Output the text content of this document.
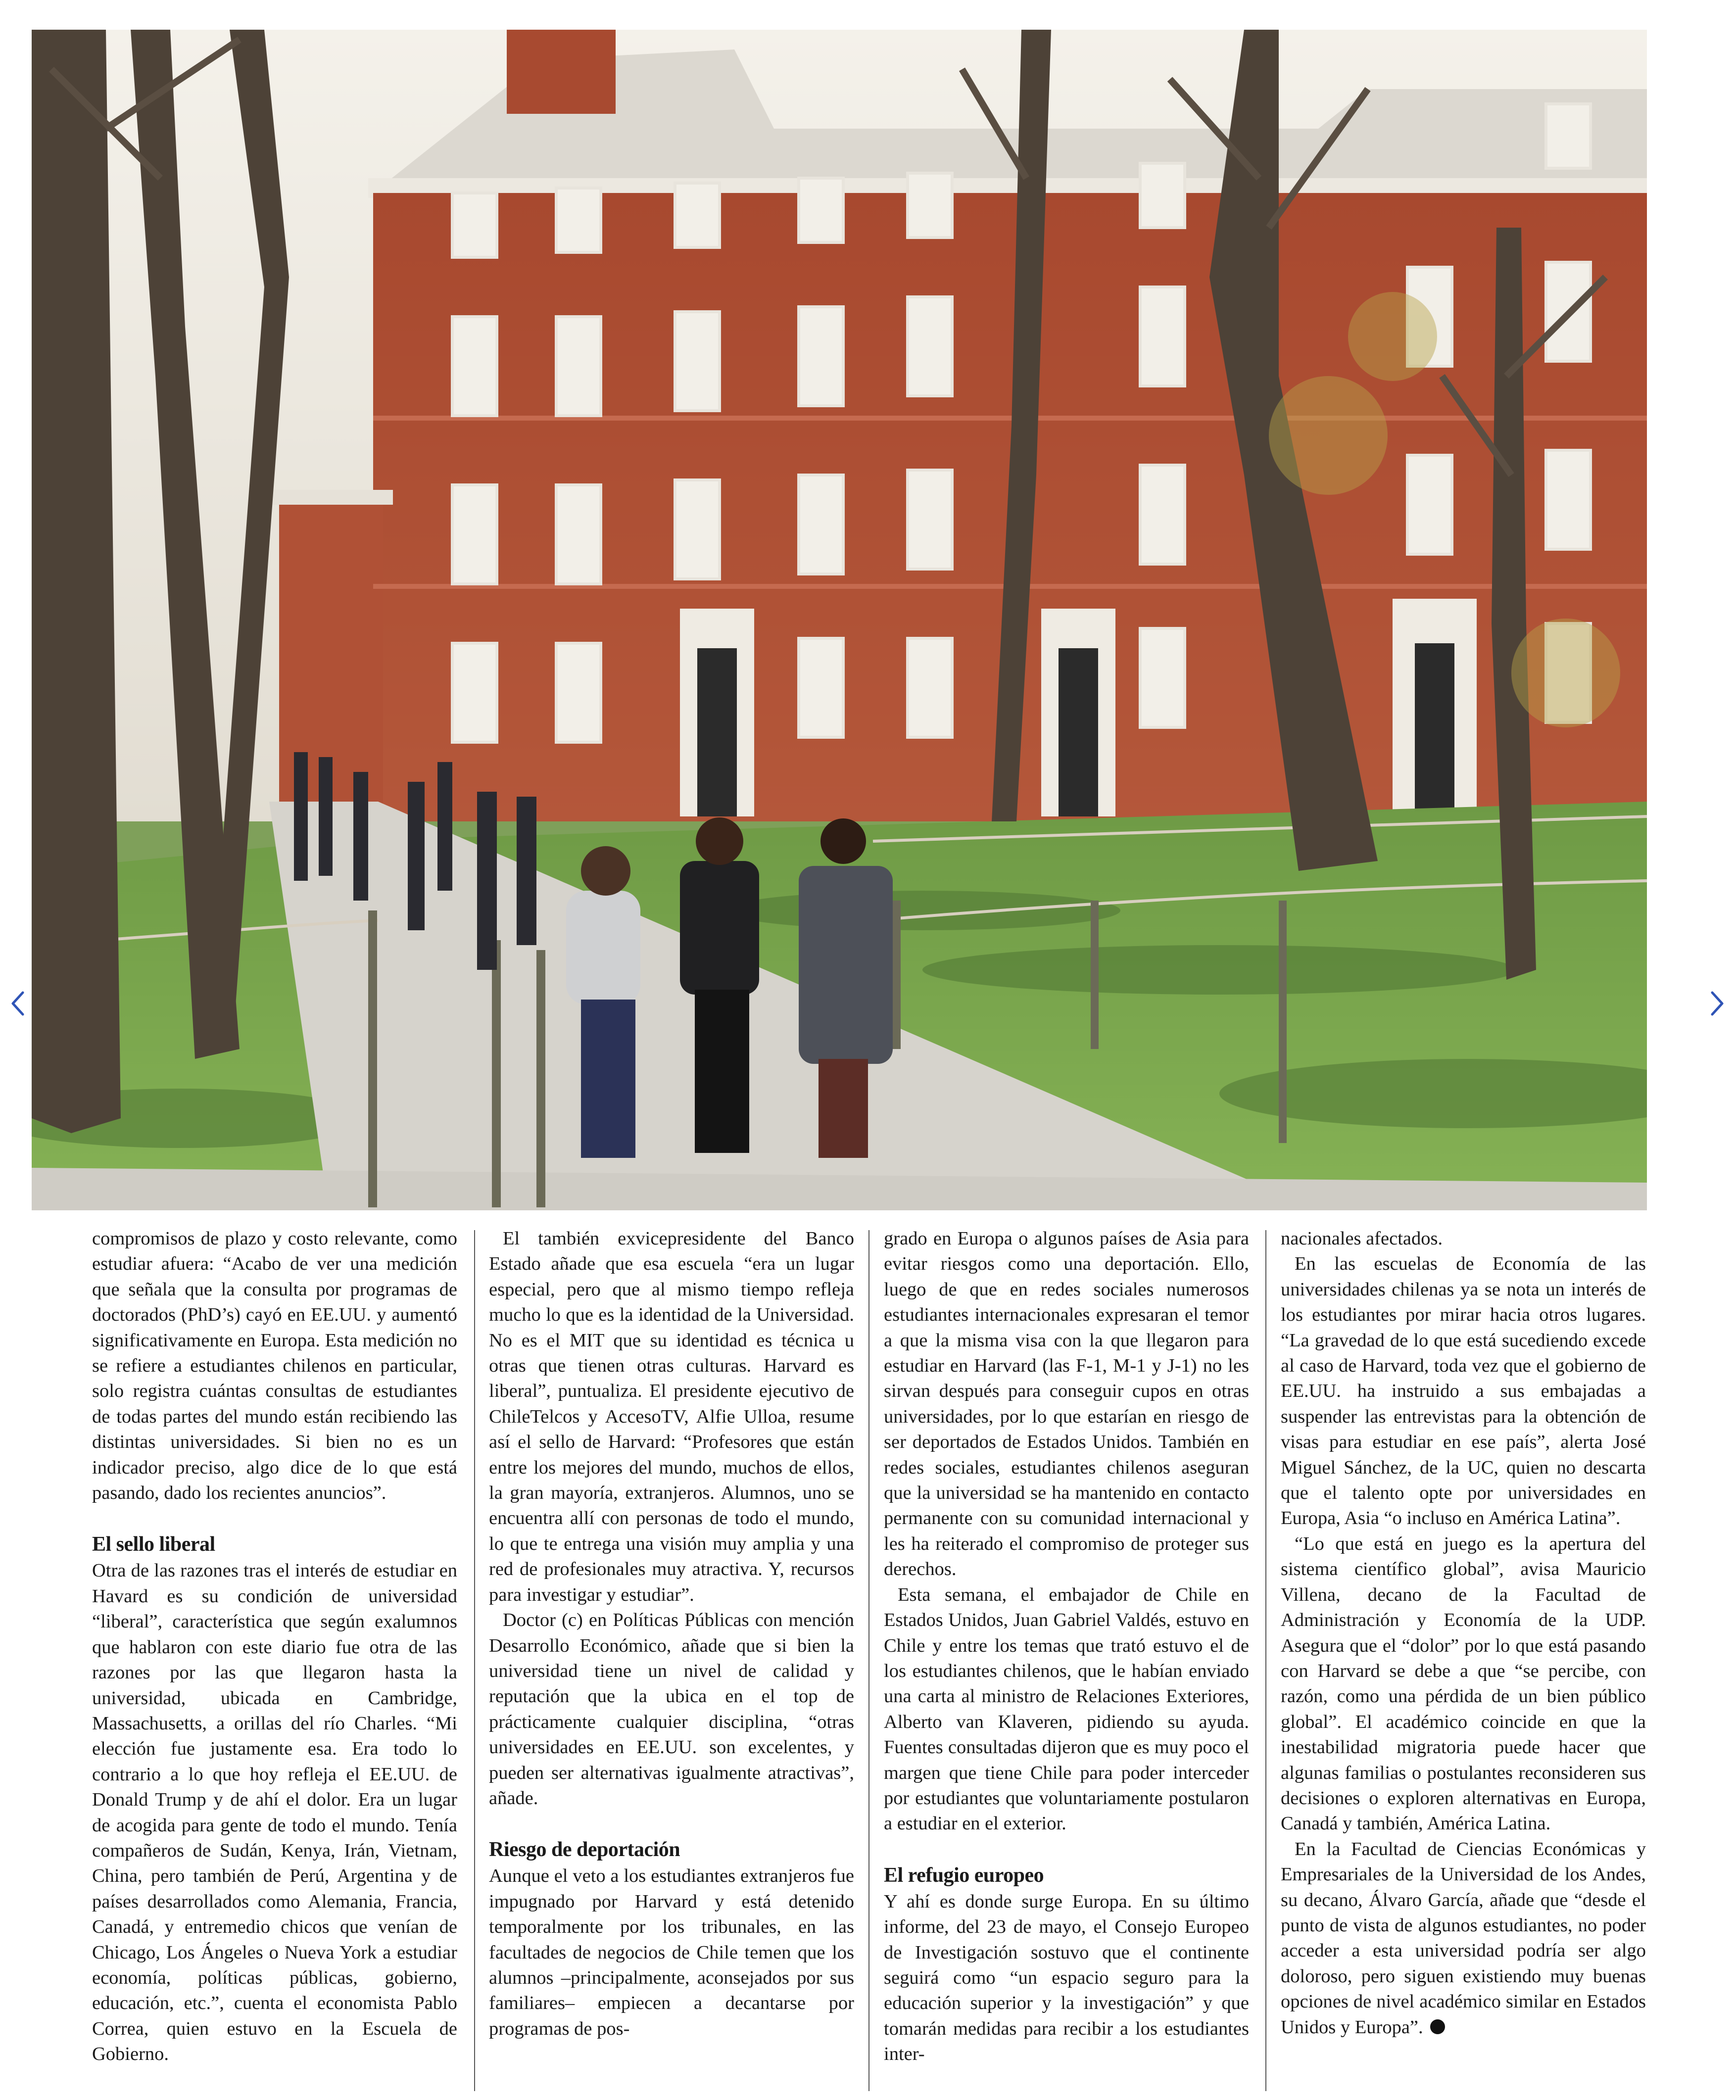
compromisos de plazo y costo relevante, como estudiar afuera: “Acabo de ver una medición que señala que la consulta por programas de doctorados (PhD’s) cayó en EE.UU. y aumentó significativamente en Europa. Esta medición no se refiere a estudiantes chilenos en particular, solo registra cuántas consultas de estudiantes de todas partes del mundo están recibiendo las distintas universidades. Si bien no es un indicador preciso, algo dice de lo que está pasando, dado los recientes anuncios”.

El sello liberal

Otra de las razones tras el interés de estudiar en Havard es su condición de universidad “liberal”, característica que según exalumnos que hablaron con este diario fue otra de las razones por las que llegaron hasta la universidad, ubicada en Cambridge, Massachusetts, a orillas del río Charles. “Mi elección fue justamente esa. Era todo lo contrario a lo que hoy refleja el EE.UU. de Donald Trump y de ahí el dolor. Era un lugar de acogida para gente de todo el mundo. Tenía compañeros de Sudán, Kenya, Irán, Vietnam, China, pero también de Perú, Argentina y de países desarrollados como Alemania, Francia, Canadá, y entremedio chicos que venían de Chicago, Los Ángeles o Nueva York a estudiar economía, políticas públicas, gobierno, educación, etc.”, cuenta el economista Pablo Correa, quien estuvo en la Escuela de Gobierno.

El también exvicepresidente del Banco Estado añade que esa escuela “era un lugar especial, pero que al mismo tiempo refleja mucho lo que es la identidad de la Universidad. No es el MIT que su identidad es técnica u otras que tienen otras culturas. Harvard es liberal”, puntualiza. El presidente ejecutivo de ChileTelcos y AccesoTV, Alfie Ulloa, resume así el sello de Harvard: “Profesores que están entre los mejores del mundo, muchos de ellos, la gran mayoría, extranjeros. Alumnos, uno se encuentra allí con personas de todo el mundo, lo que te entrega una visión muy amplia y una red de profesionales muy atractiva. Y, recursos para investigar y estudiar”.

Doctor (c) en Políticas Públicas con mención Desarrollo Económico, añade que si bien la universidad tiene un nivel de calidad y reputación que la ubica en el top de prácticamente cualquier disciplina, “otras universidades en EE.UU. son excelentes, y pueden ser alternativas igualmente atractivas”, añade.

Riesgo de deportación

Aunque el veto a los estudiantes extranjeros fue impugnado por Harvard y está detenido temporalmente por los tribunales, en las facultades de negocios de Chile temen que los alumnos –principalmente, aconsejados por sus familiares– empiecen a decantarse por programas de pos-

grado en Europa o algunos países de Asia para evitar riesgos como una deportación. Ello, luego de que en redes sociales numerosos estudiantes internacionales expresaran el temor a que la misma visa con la que llegaron para estudiar en Harvard (las F-1, M-1 y J-1) no les sirvan después para conseguir cupos en otras universidades, por lo que estarían en riesgo de ser deportados de Estados Unidos. También en redes sociales, estudiantes chilenos aseguran que la universidad se ha mantenido en contacto permanente con su comunidad internacional y les ha reiterado el compromiso de proteger sus derechos.

Esta semana, el embajador de Chile en Estados Unidos, Juan Gabriel Valdés, estuvo en Chile y entre los temas que trató estuvo el de los estudiantes chilenos, que le habían enviado una carta al ministro de Relaciones Exteriores, Alberto van Klaveren, pidiendo su ayuda. Fuentes consultadas dijeron que es muy poco el margen que tiene Chile para poder interceder por estudiantes que voluntariamente postularon a estudiar en el exterior.

El refugio europeo

Y ahí es donde surge Europa. En su último informe, del 23 de mayo, el Consejo Europeo de Investigación sostuvo que el continente seguirá como “un espacio seguro para la educación superior y la investigación” y que tomarán medidas para recibir a los estudiantes inter-

nacionales afectados.

En las escuelas de Economía de las universidades chilenas ya se nota un interés de los estudiantes por mirar hacia otros lugares. “La gravedad de lo que está sucediendo excede al caso de Harvard, toda vez que el gobierno de EE.UU. ha instruido a sus embajadas a suspender las entrevistas para la obtención de visas para estudiar en ese país”, alerta José Miguel Sánchez, de la UC, quien no descarta que el talento opte por universidades en Europa, Asia “o incluso en América Latina”.

“Lo que está en juego es la apertura del sistema científico global”, avisa Mauricio Villena, decano de la Facultad de Administración y Economía de la UDP. Asegura que el “dolor” por lo que está pasando con Harvard se debe a que “se percibe, con razón, como una pérdida de un bien público global”. El académico coincide en que la inestabilidad migratoria puede hacer que algunas familias o postulantes reconsideren sus decisiones o exploren alternativas en Europa, Canadá y también, América Latina.

En la Facultad de Ciencias Económicas y Empresariales de la Universidad de los Andes, su decano, Álvaro García, añade que “desde el punto de vista de algunos estudiantes, no poder acceder a esta universidad podría ser algo doloroso, pero siguen existiendo muy buenas opciones de nivel académico similar en Estados Unidos y Europa”.
